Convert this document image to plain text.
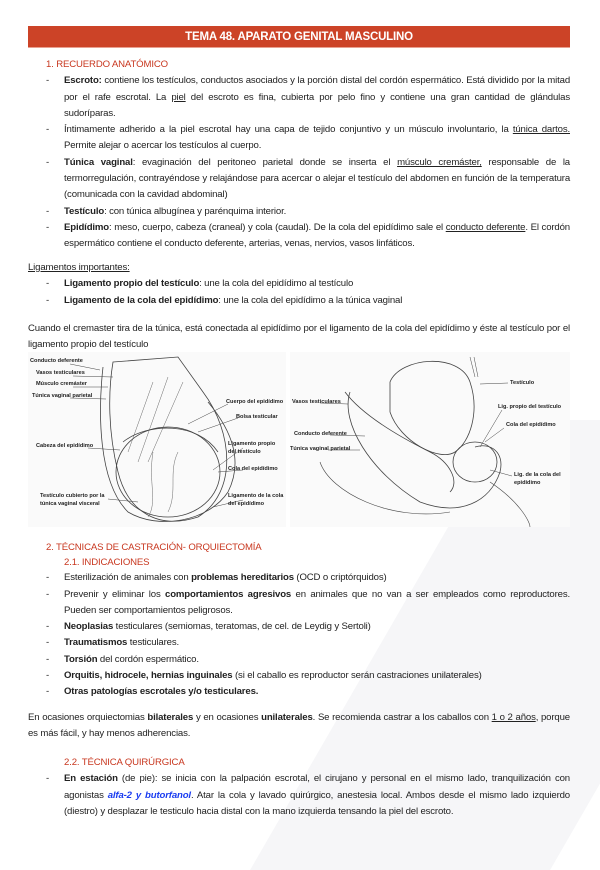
TEMA 48. APARATO GENITAL MASCULINO
1. RECUERDO ANATÓMICO
- Escroto: contiene los testículos, conductos asociados y la porción distal del cordón espermático. Está dividido por la mitad por el rafe escrotal. La piel del escroto es fina, cubierta por pelo fino y contiene una gran cantidad de glándulas sudoríparas.
- Íntimamente adherido a la piel escrotal hay una capa de tejido conjuntivo y un músculo involuntario, la túnica dartos. Permite alejar o acercar los testículos al cuerpo.
- Túnica vaginal: evaginación del peritoneo parietal donde se inserta el músculo cremáster, responsable de la termorregulación, contrayéndose y relajándose para acercar o alejar el testículo del abdomen en función de la temperatura (comunicada con la cavidad abdominal)
- Testículo: con túnica albugínea y parénquima interior.
- Epidídimo: meso, cuerpo, cabeza (craneal) y cola (caudal). De la cola del epidídimo sale el conducto deferente. El cordón espermático contiene el conducto deferente, arterias, venas, nervios, vasos linfáticos.
Ligamentos importantes:
- Ligamento propio del testículo: une la cola del epidídimo al testículo
- Ligamento de la cola del epidídimo: une la cola del epidídimo a la túnica vaginal
Cuando el cremaster tira de la túnica, está conectada al epidídimo por el ligamento de la cola del epidídimo y éste al testículo por el ligamento propio del testículo
Conducto deferente
Vasos testiculares
Músculo cremáster
Túnica vaginal parietal
Cuerpo del epidídimo
Bolsa testicular
Cabeza del epidídimo	Ligamento propio del testículo
Cola del epidídimo
Testículo cubierto por la túnica vaginal visceral
Ligamento de la cola del epidídimo
Testículo
Vasos testiculares
Lig. propio del testículo
Cola del epidídimo
Conducto deferente
Túnica vaginal parietal
Lig. de la cola del epidídimo
2. TÉCNICAS DE CASTRACIÓN- ORQUIECTOMÍA
2.1. INDICACIONES
- Esterilización de animales con problemas hereditarios (OCD o criptórquidos)
- Prevenir y eliminar los comportamientos agresivos en animales que no van a ser empleados como reproductores. Pueden ser comportamientos peligrosos.
- Neoplasias testiculares (semiomas, teratomas, de cel. de Leydig y Sertoli)
- Traumatismos testiculares.
- Torsión del cordón espermático.
- Orquitis, hidrocele, hernias inguinales (si el caballo es reproductor serán castraciones unilaterales)
- Otras patologías escrotales y/o testiculares.
En ocasiones orquiectomias bilaterales y en ocasiones unilaterales. Se recomienda castrar a los caballos con 1 o 2 años, porque es más fácil, y hay menos adherencias.
2.2. TÉCNICA QUIRÚRGICA
- En estación (de pie): se inicia con la palpación escrotal, el cirujano y personal en el mismo lado, tranquilización con agonistas alfa-2 y butorfanol. Atar la cola y lavado quirúrgico, anestesia local. Ambos desde el mismo lado izquierdo (diestro) y desplazar le testiculo hacia distal con la mano izquierda tensando la piel del escroto.
